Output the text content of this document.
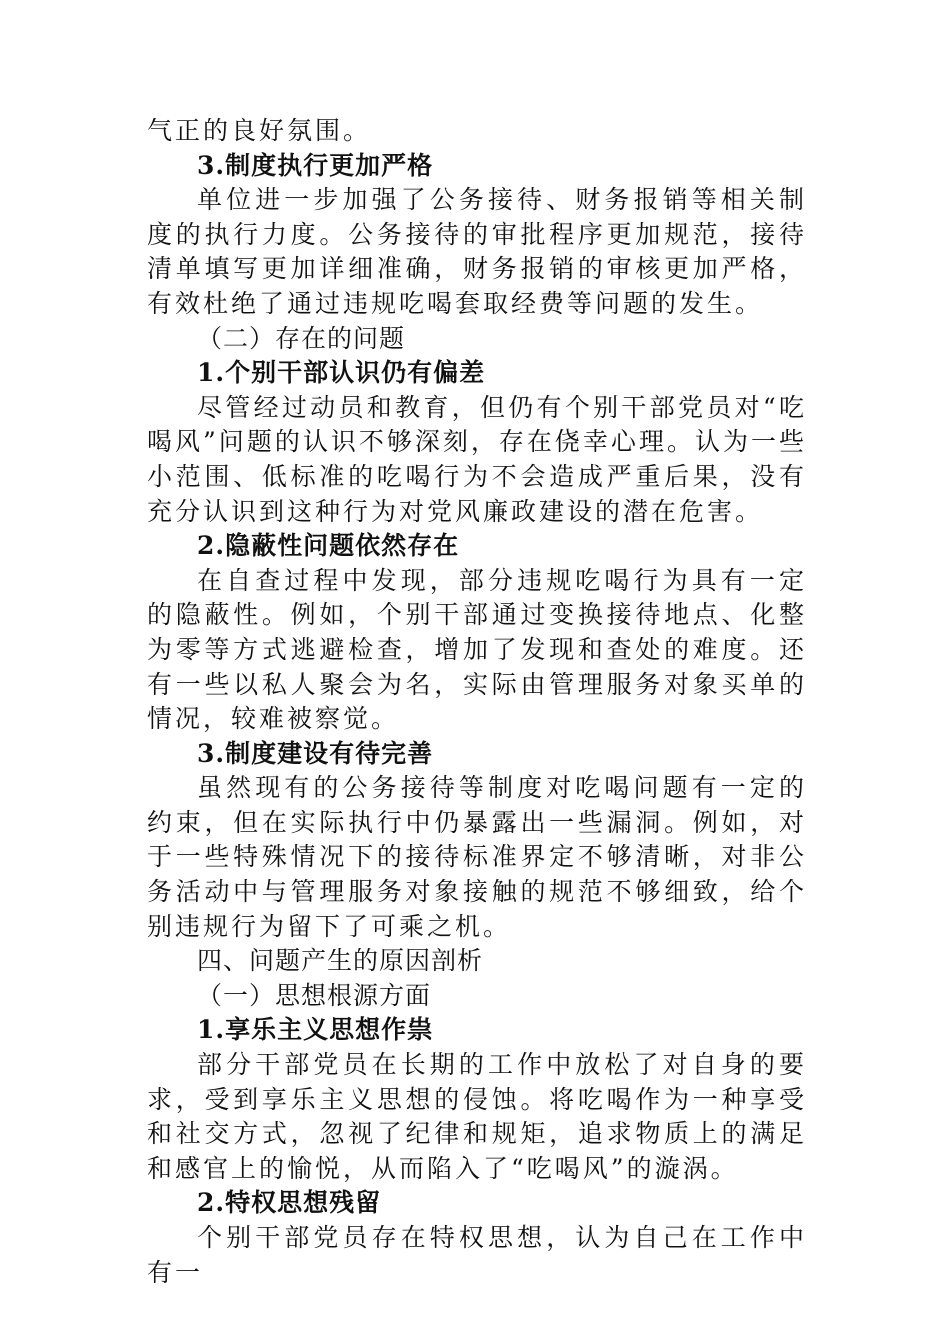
气正的良好氛围。

3.制度执行更加严格

单位进一步加强了公务接待、财务报销等相关制度的执行力度。公务接待的审批程序更加规范，接待清单填写更加详细准确，财务报销的审核更加严格，有效杜绝了通过违规吃喝套取经费等问题的发生。

（二）存在的问题

1.个别干部认识仍有偏差

尽管经过动员和教育，但仍有个别干部党员对“吃喝风”问题的认识不够深刻，存在侥幸心理。认为一些小范围、低标准的吃喝行为不会造成严重后果，没有充分认识到这种行为对党风廉政建设的潜在危害。

2.隐蔽性问题依然存在

在自查过程中发现，部分违规吃喝行为具有一定的隐蔽性。例如，个别干部通过变换接待地点、化整为零等方式逃避检查，增加了发现和查处的难度。还有一些以私人聚会为名，实际由管理服务对象买单的情况，较难被察觉。

3.制度建设有待完善

虽然现有的公务接待等制度对吃喝问题有一定的约束，但在实际执行中仍暴露出一些漏洞。例如，对于一些特殊情况下的接待标准界定不够清晰，对非公务活动中与管理服务对象接触的规范不够细致，给个别违规行为留下了可乘之机。

四、问题产生的原因剖析

（一）思想根源方面

1.享乐主义思想作祟

部分干部党员在长期的工作中放松了对自身的要求，受到享乐主义思想的侵蚀。将吃喝作为一种享受和社交方式，忽视了纪律和规矩，追求物质上的满足和感官上的愉悦，从而陷入了“吃喝风”的漩涡。

2.特权思想残留

个别干部党员存在特权思想，认为自己在工作中有一
